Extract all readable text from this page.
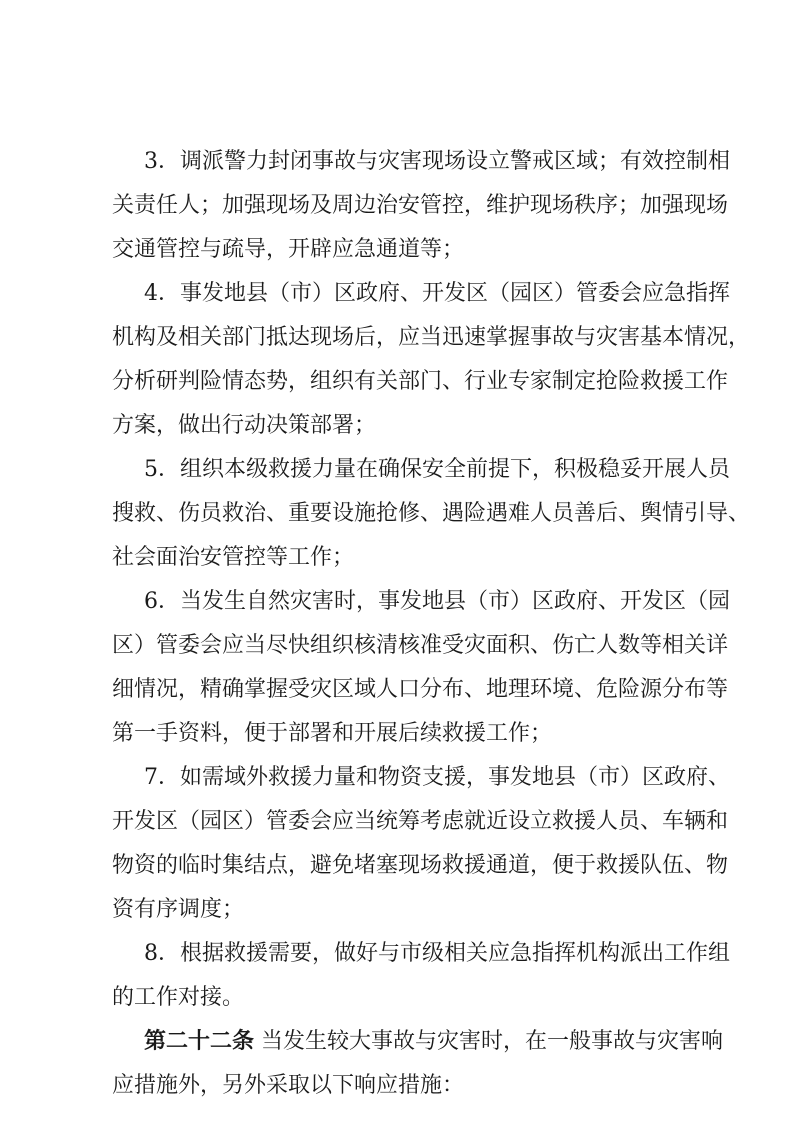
3．调派警力封闭事故与灾害现场设立警戒区域；有效控制相
关责任人；加强现场及周边治安管控，维护现场秩序；加强现场
交通管控与疏导，开辟应急通道等；
4．事发地县（市）区政府、开发区（园区）管委会应急指挥
机构及相关部门抵达现场后，应当迅速掌握事故与灾害基本情况，
分析研判险情态势，组织有关部门、行业专家制定抢险救援工作
方案，做出行动决策部署；
5．组织本级救援力量在确保安全前提下，积极稳妥开展人员
搜救、伤员救治、重要设施抢修、遇险遇难人员善后、舆情引导、
社会面治安管控等工作；
6．当发生自然灾害时，事发地县（市）区政府、开发区（园
区）管委会应当尽快组织核清核准受灾面积、伤亡人数等相关详
细情况，精确掌握受灾区域人口分布、地理环境、危险源分布等
第一手资料，便于部署和开展后续救援工作；
7．如需域外救援力量和物资支援，事发地县（市）区政府、
开发区（园区）管委会应当统筹考虑就近设立救援人员、车辆和
物资的临时集结点，避免堵塞现场救援通道，便于救援队伍、物
资有序调度；
8．根据救援需要，做好与市级相关应急指挥机构派出工作组
的工作对接。
第二十二条 当发生较大事故与灾害时，在一般事故与灾害响
应措施外，另外采取以下响应措施：
